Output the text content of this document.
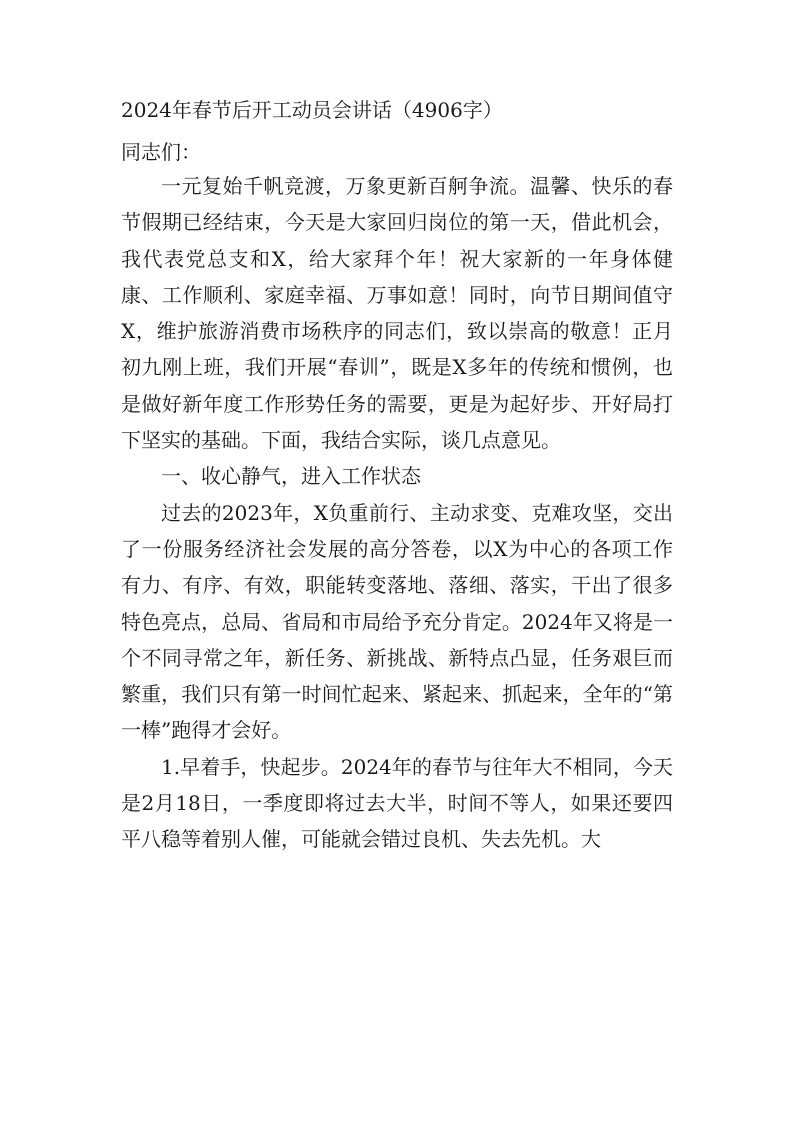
2024年春节后开工动员会讲话（4906字）
同志们：

一元复始千帆竞渡，万象更新百舸争流。温馨、快乐的春节假期已经结束，今天是大家回归岗位的第一天，借此机会，我代表党总支和X，给大家拜个年！祝大家新的一年身体健康、工作顺利、家庭幸福、万事如意！同时，向节日期间值守X，维护旅游消费市场秩序的同志们，致以崇高的敬意！正月初九刚上班，我们开展“春训”，既是X多年的传统和惯例，也是做好新年度工作形势任务的需要，更是为起好步、开好局打下坚实的基础。下面，我结合实际，谈几点意见。

一、收心静气，进入工作状态

过去的2023年，X负重前行、主动求变、克难攻坚，交出了一份服务经济社会发展的高分答卷，以X为中心的各项工作有力、有序、有效，职能转变落地、落细、落实，干出了很多特色亮点，总局、省局和市局给予充分肯定。2024年又将是一个不同寻常之年，新任务、新挑战、新特点凸显，任务艰巨而繁重，我们只有第一时间忙起来、紧起来、抓起来，全年的“第一棒”跑得才会好。

1.早着手，快起步。2024年的春节与往年大不相同，今天是2月18日，一季度即将过去大半，时间不等人，如果还要四平八稳等着别人催，可能就会错过良机、失去先机。大
